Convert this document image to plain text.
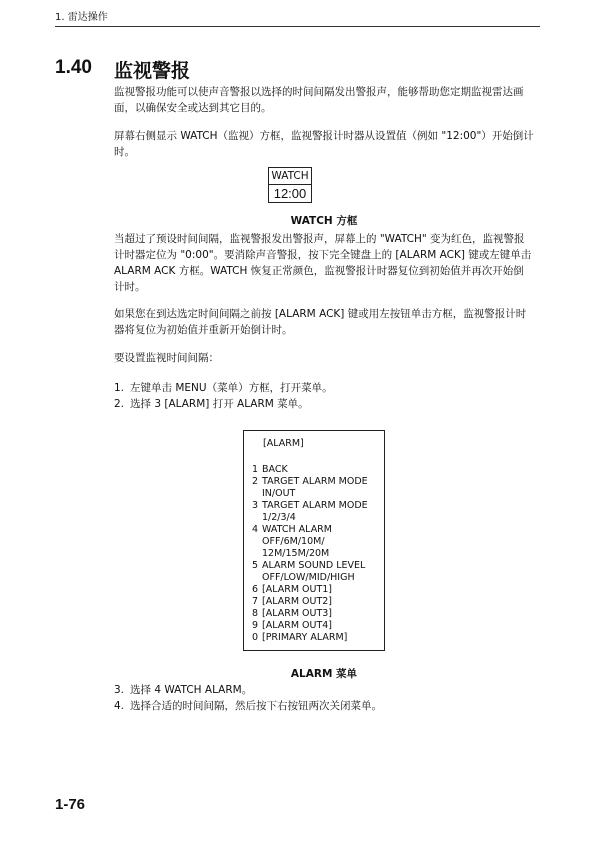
1. 雷达操作
1.40 监视警报

监视警报功能可以使声音警报以选择的时间间隔发出警报声，能够帮助您定期监视雷达画面，以确保安全或达到其它目的。

屏幕右侧显示 WATCH（监视）方框，监视警报计时器从设置值（例如 "12:00"）开始倒计时。

WATCH
12:00
WATCH 方框

当超过了预设时间间隔，监视警报发出警报声，屏幕上的 "WATCH" 变为红色，监视警报计时器定位为 "0:00"。要消除声音警报，按下完全键盘上的 [ALARM ACK] 键或左键单击 ALARM ACK 方框。WATCH 恢复正常颜色，监视警报计时器复位到初始值并再次开始倒计时。

如果您在到达选定时间间隔之前按 [ALARM ACK] 键或用左按钮单击方框，监视警报计时器将复位为初始值并重新开始倒计时。

要设置监视时间间隔：

1. 左键单击 MENU（菜单）方框，打开菜单。
2. 选择 3 [ALARM] 打开 ALARM 菜单。
[ALARM]
1 BACK
2 TARGET ALARM MODE
IN/OUT
3 TARGET ALARM MODE
1/2/3/4
4 WATCH ALARM
OFF/6M/10M/
12M/15M/20M
5 ALARM SOUND LEVEL
OFF/LOW/MID/HIGH
6 [ALARM OUT1]
7 [ALARM OUT2]
8 [ALARM OUT3]
9 [ALARM OUT4]
0 [PRIMARY ALARM]
ALARM 菜单
3. 选择 4 WATCH ALARM。
4. 选择合适的时间间隔，然后按下右按钮两次关闭菜单。
1-76
